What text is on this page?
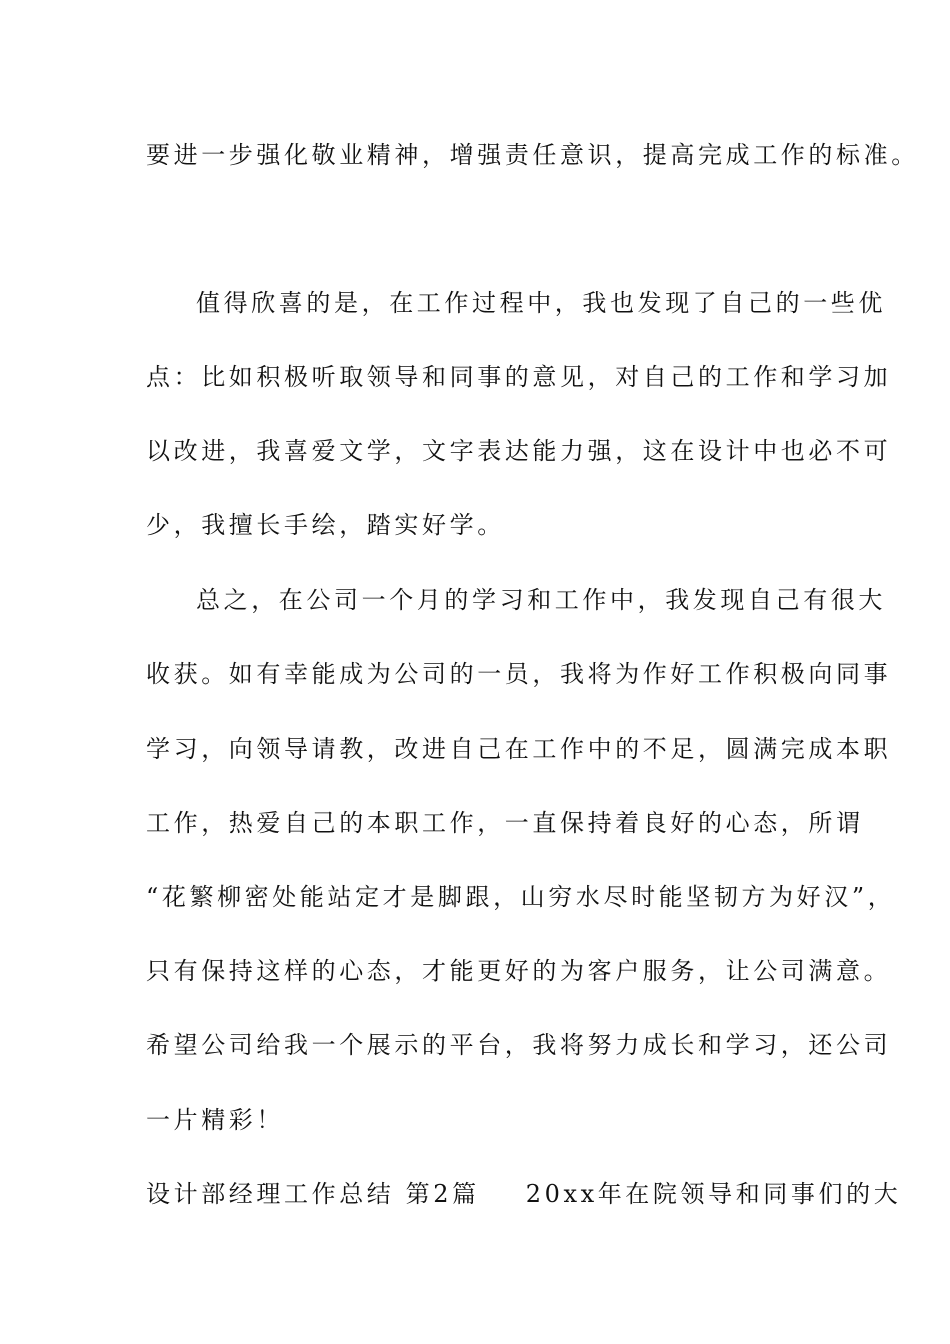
要进一步强化敬业精神，增强责任意识，提高完成工作的标准。
值得欣喜的是，在工作过程中，我也发现了自己的一些优
点：比如积极听取领导和同事的意见，对自己的工作和学习加
以改进，我喜爱文学，文字表达能力强，这在设计中也必不可
少，我擅长手绘，踏实好学。
总之，在公司一个月的学习和工作中，我发现自己有很大
收获。如有幸能成为公司的一员，我将为作好工作积极向同事
学习，向领导请教，改进自己在工作中的不足，圆满完成本职
工作，热爱自己的本职工作，一直保持着良好的心态，所谓
“花繁柳密处能站定才是脚跟，山穷水尽时能坚韧方为好汉”，
只有保持这样的心态，才能更好的为客户服务，让公司满意。
希望公司给我一个展示的平台，我将努力成长和学习，还公司
一片精彩！
设计部经理工作总结 第2篇 20xx年在院领导和同事们的大
